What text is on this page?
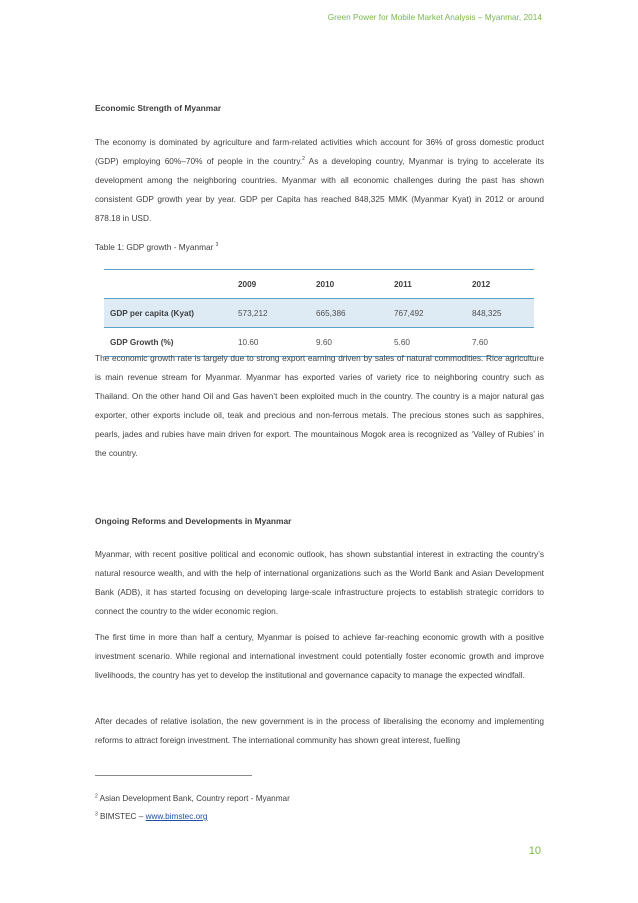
Green Power for Mobile Market Analysis – Myanmar, 2014
Economic Strength of Myanmar

The economy is dominated by agriculture and farm-related activities which account for 36% of gross domestic product (GDP) employing 60%–70% of people in the country.$^2$ As a developing country, Myanmar is trying to accelerate its development among the neighboring countries. Myanmar with all economic challenges during the past has shown consistent GDP growth year by year. GDP per Capita has reached 848,325 MMK (Myanmar Kyat) in 2012 or around 878.18 in USD.

Table 1: GDP growth - Myanmar $^3$

	2009	2010	2011	2012
GDP per capita (Kyat)	573,212	665,386	767,492	848,325
GDP Growth (%)	10.60	9.60	5.60	7.60

The economic growth rate is largely due to strong export earning driven by sales of natural commodities. Rice agriculture is main revenue stream for Myanmar. Myanmar has exported varies of variety rice to neighboring country such as Thailand. On the other hand Oil and Gas haven’t been exploited much in the country. The country is a major natural gas exporter, other exports include oil, teak and precious and non-ferrous metals. The precious stones such as sapphires, pearls, jades and rubies have main driven for export. The mountainous Mogok area is recognized as ‘Valley of Rubies’ in the country.

Ongoing Reforms and Developments in Myanmar

Myanmar, with recent positive political and economic outlook, has shown substantial interest in extracting the country’s natural resource wealth, and with the help of international organizations such as the World Bank and Asian Development Bank (ADB), it has started focusing on developing large-scale infrastructure projects to establish strategic corridors to connect the country to the wider economic region.

The first time in more than half a century, Myanmar is poised to achieve far-reaching economic growth with a positive investment scenario. While regional and international investment could potentially foster economic growth and improve livelihoods, the country has yet to develop the institutional and governance capacity to manage the expected windfall.

After decades of relative isolation, the new government is in the process of liberalising the economy and implementing reforms to attract foreign investment. The international community has shown great interest, fuelling

$^2$ Asian Development Bank, Country report - Myanmar
$^3$ BIMSTEC – www.bimstec.org
10
